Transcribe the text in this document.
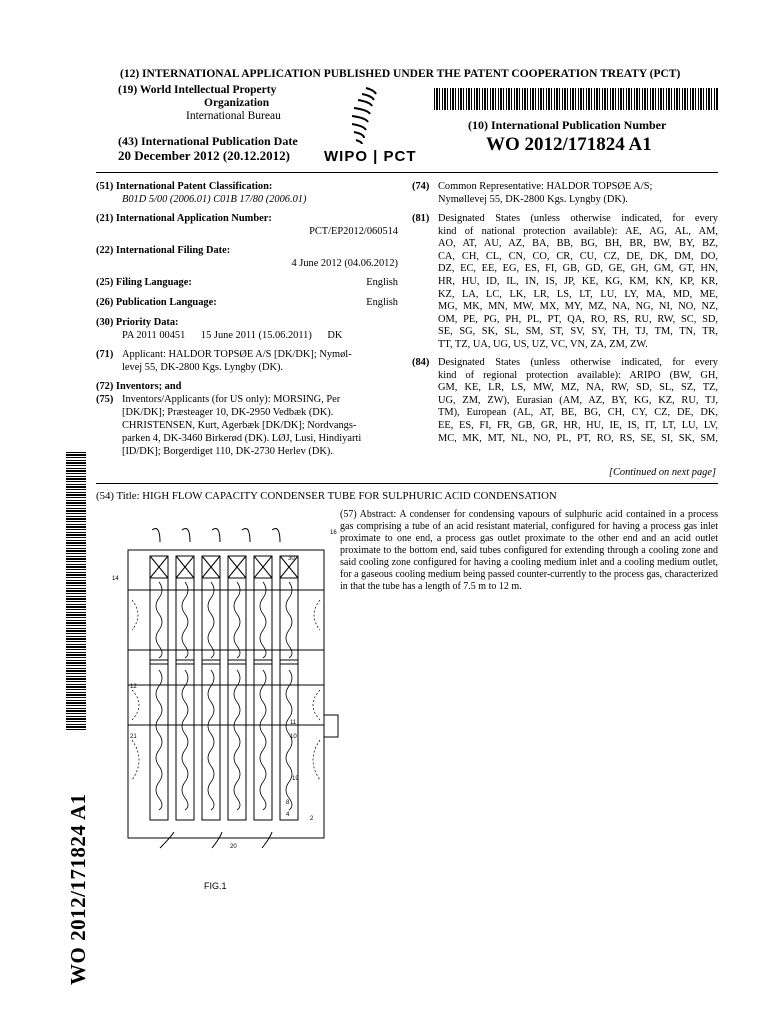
(12) INTERNATIONAL APPLICATION PUBLISHED UNDER THE PATENT COOPERATION TREATY (PCT)
(19) World Intellectual Property
Organization
International Bureau
(43) International Publication Date
20 December 2012 (20.12.2012) WIPO | PCT
(10) International Publication Number
WO 2012/171824 A1
(51) International Patent Classification:
B01D 5/00 (2006.01) C01B 17/80 (2006.01)
(21) International Application Number:
PCT/EP2012/060514
(22) International Filing Date:
4 June 2012 (04.06.2012)
(25) Filing Language:	English
(26) Publication Language:	English
(30) Priority Data:
PA 2011 00451      15 June 2011 (15.06.2011)      DK
(71) Applicant: HALDOR TOPSØE A/S [DK/DK]; Nymøl-
levej 55, DK-2800 Kgs. Lyngby (DK).
(72) Inventors; and
(75) Inventors/Applicants (for US only): MORSING, Per
[DK/DK]; Præsteager 10, DK-2950 Vedbæk (DK).
CHRISTENSEN, Kurt, Agerbæk [DK/DK]; Nordvangs-
parken 4, DK-3460 Birkerød (DK). LØJ, Lusi, Hindiyarti
[ID/DK]; Borgerdiget 110, DK-2730 Herlev (DK).
(74) Common Representative: HALDOR TOPSØE A/S;
Nymøllevej 55, DK-2800 Kgs. Lyngby (DK).
(81) Designated States (unless otherwise indicated, for every
kind of national protection available): AE, AG, AL, AM,
AO, AT, AU, AZ, BA, BB, BG, BH, BR, BW, BY, BZ,
CA, CH, CL, CN, CO, CR, CU, CZ, DE, DK, DM, DO,
DZ, EC, EE, EG, ES, FI, GB, GD, GE, GH, GM, GT, HN,
HR, HU, ID, IL, IN, IS, JP, KE, KG, KM, KN, KP, KR,
KZ, LA, LC, LK, LR, LS, LT, LU, LY, MA, MD, ME,
MG, MK, MN, MW, MX, MY, MZ, NA, NG, NI, NO, NZ,
OM, PE, PG, PH, PL, PT, QA, RO, RS, RU, RW, SC, SD,
SE, SG, SK, SL, SM, ST, SV, SY, TH, TJ, TM, TN, TR,
TT, TZ, UA, UG, US, UZ, VC, VN, ZA, ZM, ZW.
(84) Designated States (unless otherwise indicated, for every
kind of regional protection available): ARIPO (BW, GH,
GM, KE, LR, LS, MW, MZ, NA, RW, SD, SL, SZ, TZ,
UG, ZM, ZW), Eurasian (AM, AZ, BY, KG, KZ, RU, TJ,
TM), European (AL, AT, BE, BG, CH, CY, CZ, DE, DK,
EE, ES, FI, FR, GB, GR, HR, HU, IE, IS, IT, LT, LU, LV,
MC, MK, MT, NL, NO, PL, PT, RO, RS, SE, SI, SK, SM,
[Continued on next page]
(54) Title: HIGH FLOW CAPACITY CONDENSER TUBE FOR SULPHURIC ACID CONDENSATION
(57) Abstract: A condenser for condensing vapours of sulphuric acid contained in a process gas comprising a tube of an acid resistant material, configured for having a process gas inlet proximate to one end, a process gas outlet proximate to the other end and an acid outlet proximate to the bottom end, said tubes configured for extending through a cooling zone and said cooling zone configured for having a cooling medium inlet and a cooling medium outlet, for a gaseous cooling medium being passed counter-currently to the process gas, characterized in that the tube has a length of 7.5 m to 12 m.
16
30
14
12
21
11
10
19
8
4
20
2
FIG.1
WO 2012/171824 A1
